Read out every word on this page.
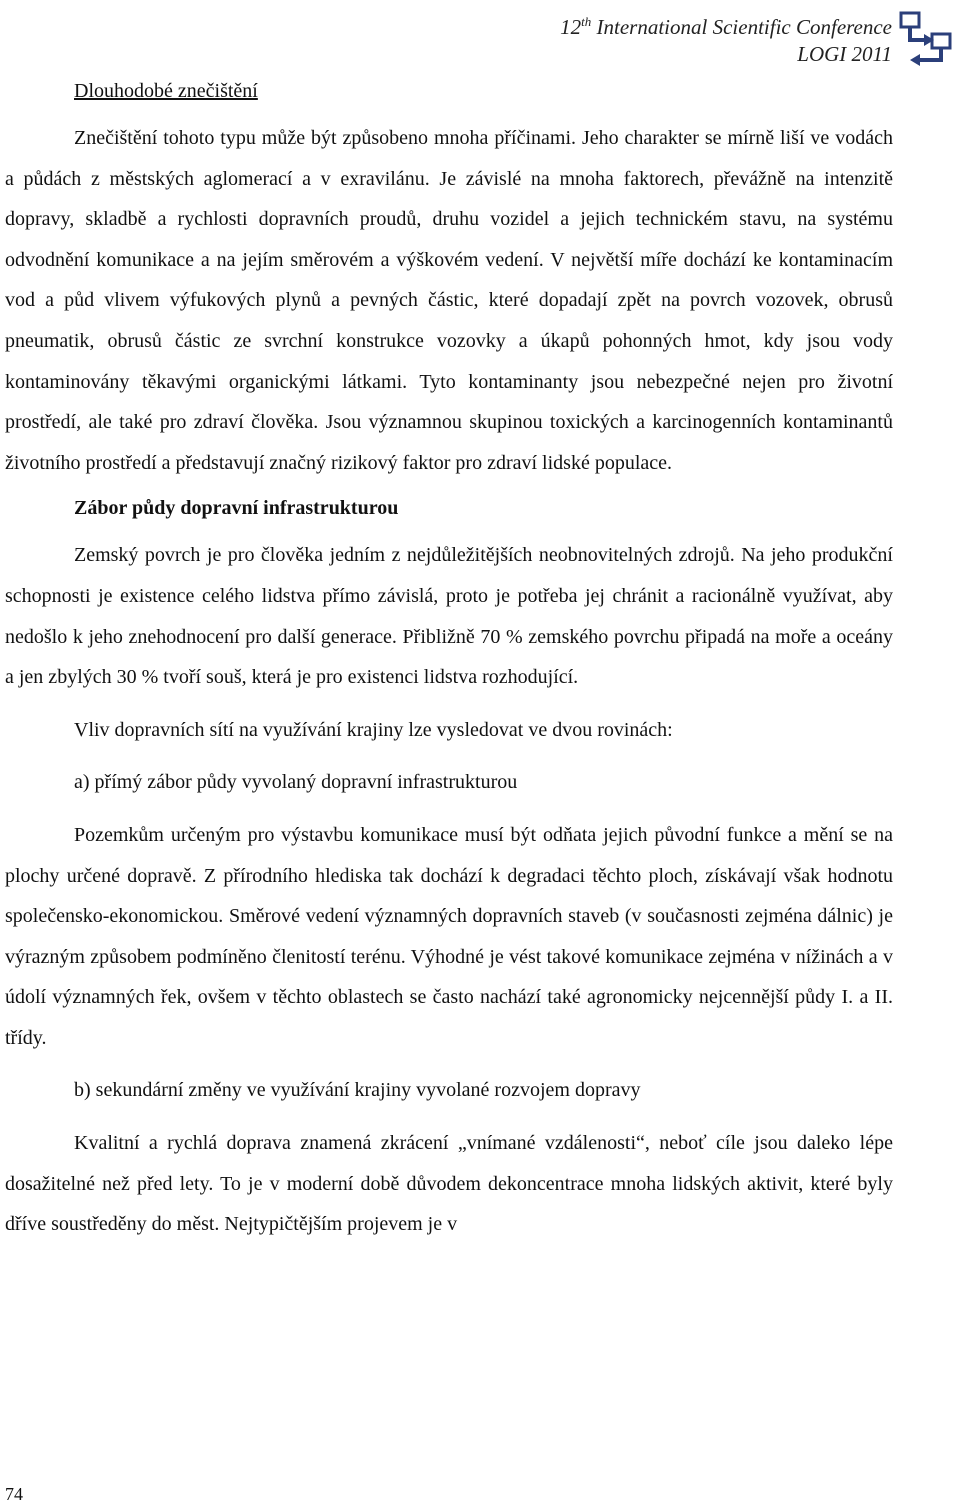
12th International Scientific Conference
LOGI 2011
Dlouhodobé znečištění

Znečištění tohoto typu může být způsobeno mnoha příčinami. Jeho charakter se mírně liší ve vodách a půdách z městských aglomerací a v exravilánu. Je závislé na mnoha faktorech, převážně na intenzitě dopravy, skladbě a rychlosti dopravních proudů, druhu vozidel a jejich technickém stavu, na systému odvodnění komunikace a na jejím směrovém a výškovém vedení. V největší míře dochází ke kontaminacím vod a půd vlivem výfukových plynů a pevných částic, které dopadají zpět na povrch vozovek, obrusů pneumatik, obrusů částic ze svrchní konstrukce vozovky a úkapů pohonných hmot, kdy jsou vody kontaminovány těkavými organickými látkami. Tyto kontaminanty jsou nebezpečné nejen pro životní prostředí, ale také pro zdraví člověka. Jsou významnou skupinou toxických a karcinogenních kontaminantů životního prostředí a představují značný rizikový faktor pro zdraví lidské populace.

Zábor půdy dopravní infrastrukturou

Zemský povrch je pro člověka jedním z nejdůležitějších neobnovitelných zdrojů. Na jeho produkční schopnosti je existence celého lidstva přímo závislá, proto je potřeba jej chránit a racionálně využívat, aby nedošlo k jeho znehodnocení pro další generace. Přibližně 70 % zemského povrchu připadá na moře a oceány a jen zbylých 30 % tvoří souš, která je pro existenci lidstva rozhodující.

Vliv dopravních sítí na využívání krajiny lze vysledovat ve dvou rovinách:

a) přímý zábor půdy vyvolaný dopravní infrastrukturou

Pozemkům určeným pro výstavbu komunikace musí být odňata jejich původní funkce a mění se na plochy určené dopravě. Z přírodního hlediska tak dochází k degradaci těchto ploch, získávají však hodnotu společensko-ekonomickou. Směrové vedení významných dopravních staveb (v současnosti zejména dálnic) je výrazným způsobem podmíněno členitostí terénu. Výhodné je vést takové komunikace zejména v nížinách a v údolí významných řek, ovšem v těchto oblastech se často nachází také agronomicky nejcennější půdy I. a II. třídy.

b) sekundární změny ve využívání krajiny vyvolané rozvojem dopravy

Kvalitní a rychlá doprava znamená zkrácení „vnímané vzdálenosti“, neboť cíle jsou daleko lépe dosažitelné než před lety. To je v moderní době důvodem dekoncentrace mnoha lidských aktivit, které byly dříve soustředěny do měst. Nejtypičtějším projevem je v

74
